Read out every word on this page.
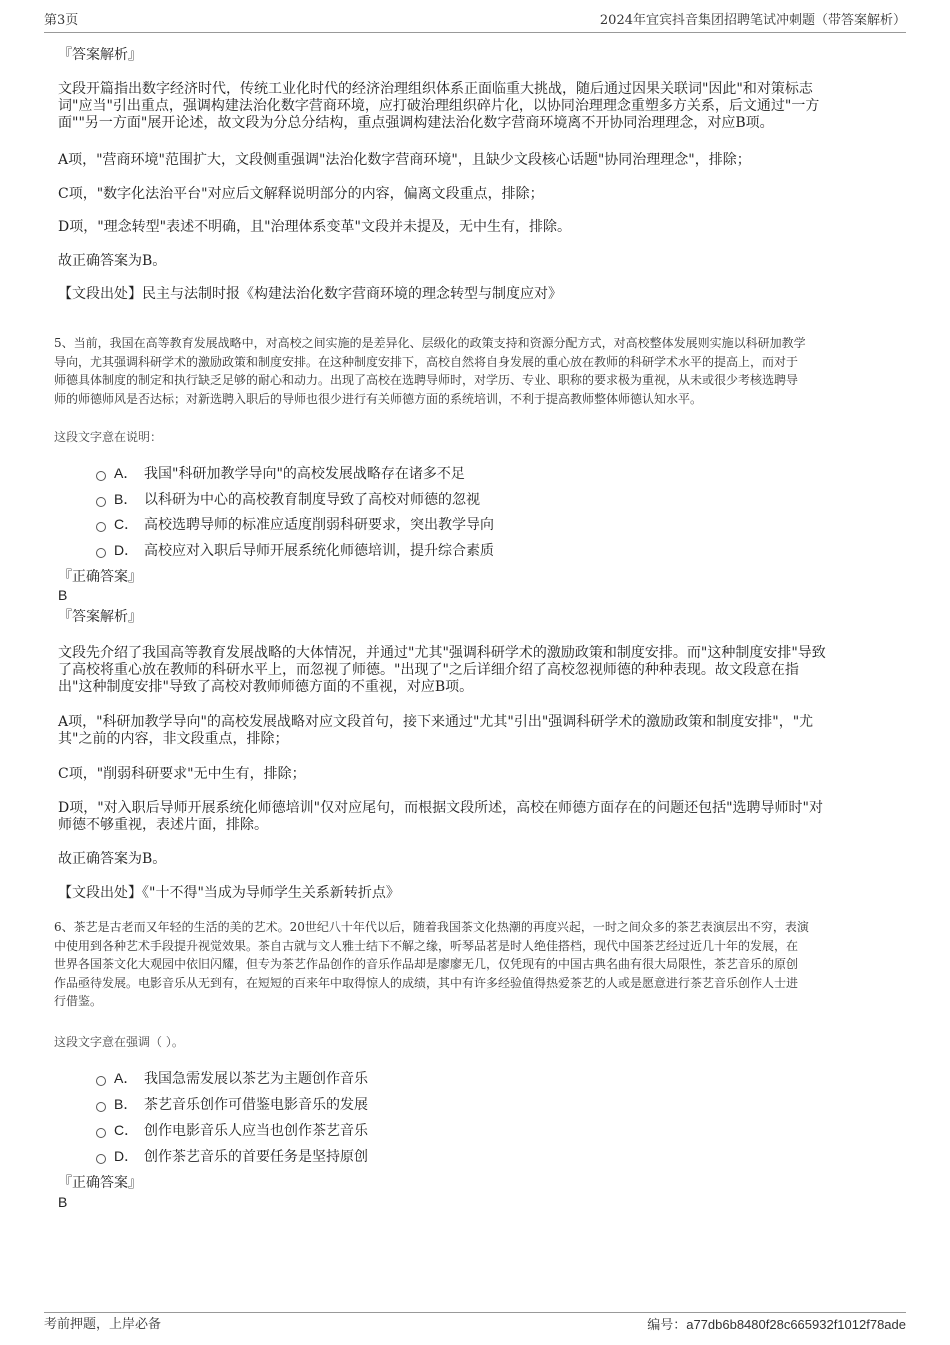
第3页	2024年宜宾抖音集团招聘笔试冲刺题（带答案解析）
『答案解析』
文段开篇指出数字经济时代，传统工业化时代的经济治理组织体系正面临重大挑战，随后通过因果关联词"因此"和对策标志
词"应当"引出重点，强调构建法治化数字营商环境，应打破治理组织碎片化，以协同治理理念重塑多方关系，后文通过"一方
面""另一方面"展开论述，故文段为分总分结构，重点强调构建法治化数字营商环境离不开协同治理理念，对应B项。
A项，"营商环境"范围扩大，文段侧重强调"法治化数字营商环境"，且缺少文段核心话题"协同治理理念"，排除；
C项，"数字化法治平台"对应后文解释说明部分的内容，偏离文段重点，排除；
D项，"理念转型"表述不明确，且"治理体系变革"文段并未提及，无中生有，排除。
故正确答案为B。
【文段出处】民主与法制时报《构建法治化数字营商环境的理念转型与制度应对》
5、当前，我国在高等教育发展战略中，对高校之间实施的是差异化、层级化的政策支持和资源分配方式，对高校整体发展则实施以科研加教学
导向，尤其强调科研学术的激励政策和制度安排。在这种制度安排下，高校自然将自身发展的重心放在教师的科研学术水平的提高上，而对于
师德具体制度的制定和执行缺乏足够的耐心和动力。出现了高校在选聘导师时，对学历、专业、职称的要求极为重视，从未或很少考核选聘导
师的师德师风是否达标；对新选聘入职后的导师也很少进行有关师德方面的系统培训，不利于提高教师整体师德认知水平。
这段文字意在说明：
A． 我国"科研加教学导向"的高校发展战略存在诸多不足
B． 以科研为中心的高校教育制度导致了高校对师德的忽视
C． 高校选聘导师的标准应适度削弱科研要求，突出教学导向
D． 高校应对入职后导师开展系统化师德培训，提升综合素质
『正确答案』
B
『答案解析』
文段先介绍了我国高等教育发展战略的大体情况，并通过"尤其"强调科研学术的激励政策和制度安排。而"这种制度安排"导致
了高校将重心放在教师的科研水平上，而忽视了师德。"出现了"之后详细介绍了高校忽视师德的种种表现。故文段意在指
出"这种制度安排"导致了高校对教师师德方面的不重视，对应B项。
A项，"科研加教学导向"的高校发展战略对应文段首句，接下来通过"尤其"引出"强调科研学术的激励政策和制度安排"，"尤
其"之前的内容，非文段重点，排除；
C项，"削弱科研要求"无中生有，排除；
D项，"对入职后导师开展系统化师德培训"仅对应尾句，而根据文段所述，高校在师德方面存在的问题还包括"选聘导师时"对
师德不够重视，表述片面，排除。
故正确答案为B。
【文段出处】《"十不得"当成为导师学生关系新转折点》
6、茶艺是古老而又年轻的生活的美的艺术。20世纪八十年代以后，随着我国茶文化热潮的再度兴起，一时之间众多的茶艺表演层出不穷，表演
中使用到各种艺术手段提升视觉效果。茶自古就与文人雅士结下不解之缘，听琴品茗是时人绝佳搭档，现代中国茶艺经过近几十年的发展，在
世界各国茶文化大观园中依旧闪耀，但专为茶艺作品创作的音乐作品却是廖廖无几，仅凭现有的中国古典名曲有很大局限性，茶艺音乐的原创
作品亟待发展。电影音乐从无到有，在短短的百来年中取得惊人的成绩，其中有许多经验值得热爱茶艺的人或是愿意进行茶艺音乐创作人士进
行借鉴。
这段文字意在强调（ ）。
A． 我国急需发展以茶艺为主题创作音乐
B． 茶艺音乐创作可借鉴电影音乐的发展
C． 创作电影音乐人应当也创作茶艺音乐
D． 创作茶艺音乐的首要任务是坚持原创
『正确答案』
B
考前押题，上岸必备	编号：a77db6b8480f28c665932f1012f78ade
